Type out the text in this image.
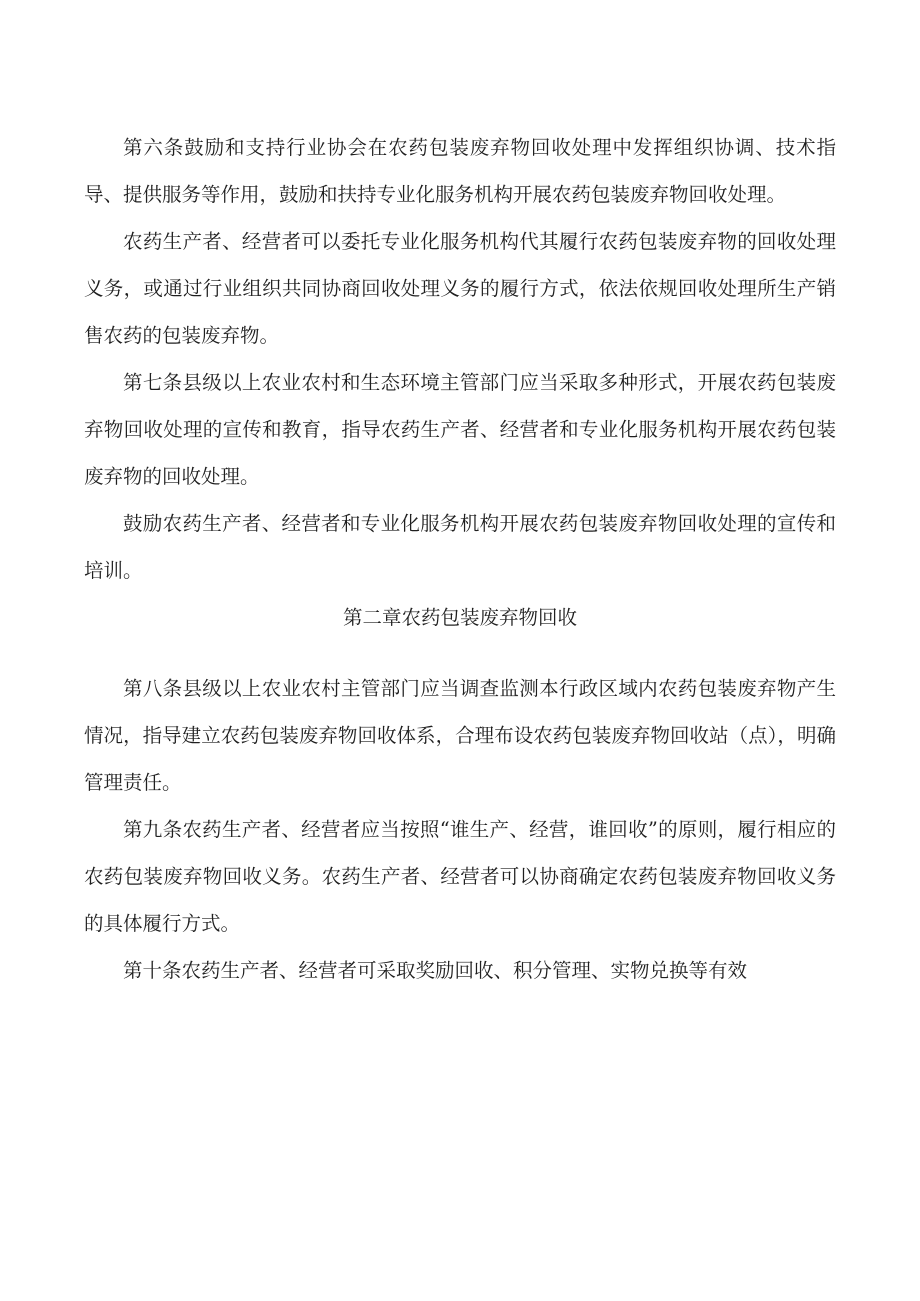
第六条鼓励和支持行业协会在农药包装废弃物回收处理中发挥组织协调、技术指导、提供服务等作用，鼓励和扶持专业化服务机构开展农药包装废弃物回收处理。

农药生产者、经营者可以委托专业化服务机构代其履行农药包装废弃物的回收处理义务，或通过行业组织共同协商回收处理义务的履行方式，依法依规回收处理所生产销售农药的包装废弃物。

第七条县级以上农业农村和生态环境主管部门应当采取多种形式，开展农药包装废弃物回收处理的宣传和教育，指导农药生产者、经营者和专业化服务机构开展农药包装废弃物的回收处理。

鼓励农药生产者、经营者和专业化服务机构开展农药包装废弃物回收处理的宣传和培训。

第二章农药包装废弃物回收

第八条县级以上农业农村主管部门应当调查监测本行政区域内农药包装废弃物产生情况，指导建立农药包装废弃物回收体系，合理布设农药包装废弃物回收站（点），明确管理责任。

第九条农药生产者、经营者应当按照“谁生产、经营，谁回收”的原则，履行相应的农药包装废弃物回收义务。农药生产者、经营者可以协商确定农药包装废弃物回收义务的具体履行方式。

第十条农药生产者、经营者可采取奖励回收、积分管理、实物兑换等有效
